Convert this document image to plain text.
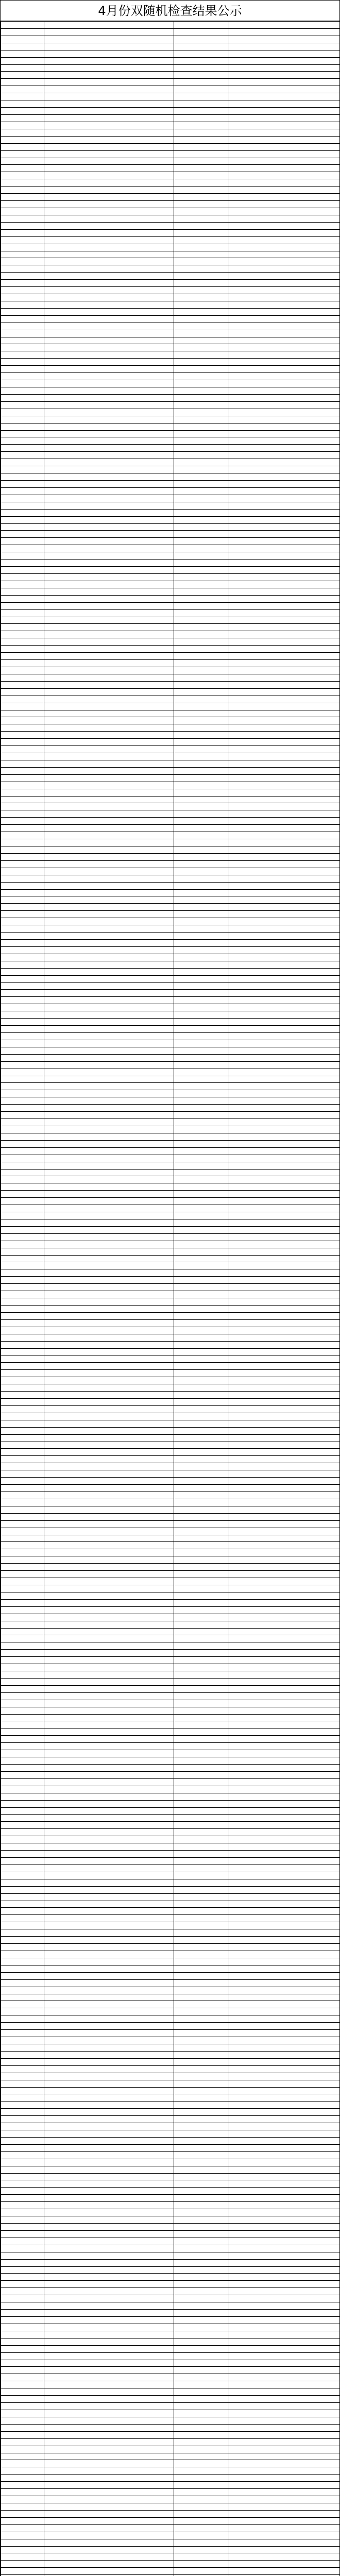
4月份双随机检查结果公示
